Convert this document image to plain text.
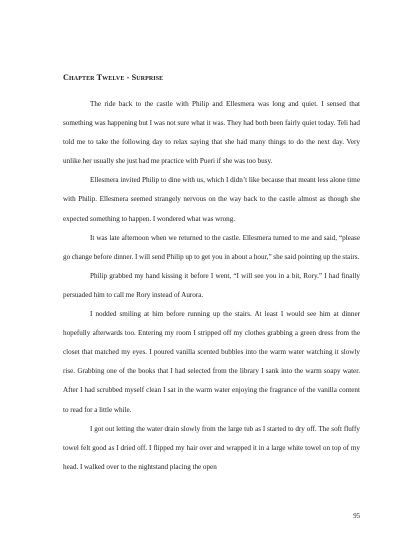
Chapter Twelve - Surprise

The ride back to the castle with Philip and Ellesmera was long and quiet. I sensed that something was happening but I was not sure what it was. They had both been fairly quiet today. Teli had told me to take the following day to relax saying that she had many things to do the next day. Very unlike her usually she just had me practice with Pueri if she was too busy.

Ellesmera invited Philip to dine with us, which I didn’t like because that meant less alone time with Philip. Ellesmera seemed strangely nervous on the way back to the castle almost as though she expected something to happen. I wondered what was wrong.

It was late afternoon when we returned to the castle. Ellesmera turned to me and said, “please go change before dinner. I will send Philip up to get you in about a hour,” she said pointing up the stairs.

Philip grabbed my hand kissing it before I went, “I will see you in a bit, Rory.” I had finally persuaded him to call me Rory instead of Aurora.

I nodded smiling at him before running up the stairs. At least I would see him at dinner hopefully afterwards too. Entering my room I stripped off my clothes grabbing a green dress from the closet that matched my eyes. I poured vanilla scented bubbles into the warm water watching it slowly rise. Grabbing one of the books that I had selected from the library I sank into the warm soapy water. After I had scrubbed myself clean I sat in the warm water enjoying the fragrance of the vanilla content to read for a little while.

I got out letting the water drain slowly from the large tub as I started to dry off. The soft fluffy towel felt good as I dried off. I flipped my hair over and wrapped it in a large white towel on top of my head. I walked over to the nightstand placing the open

95
